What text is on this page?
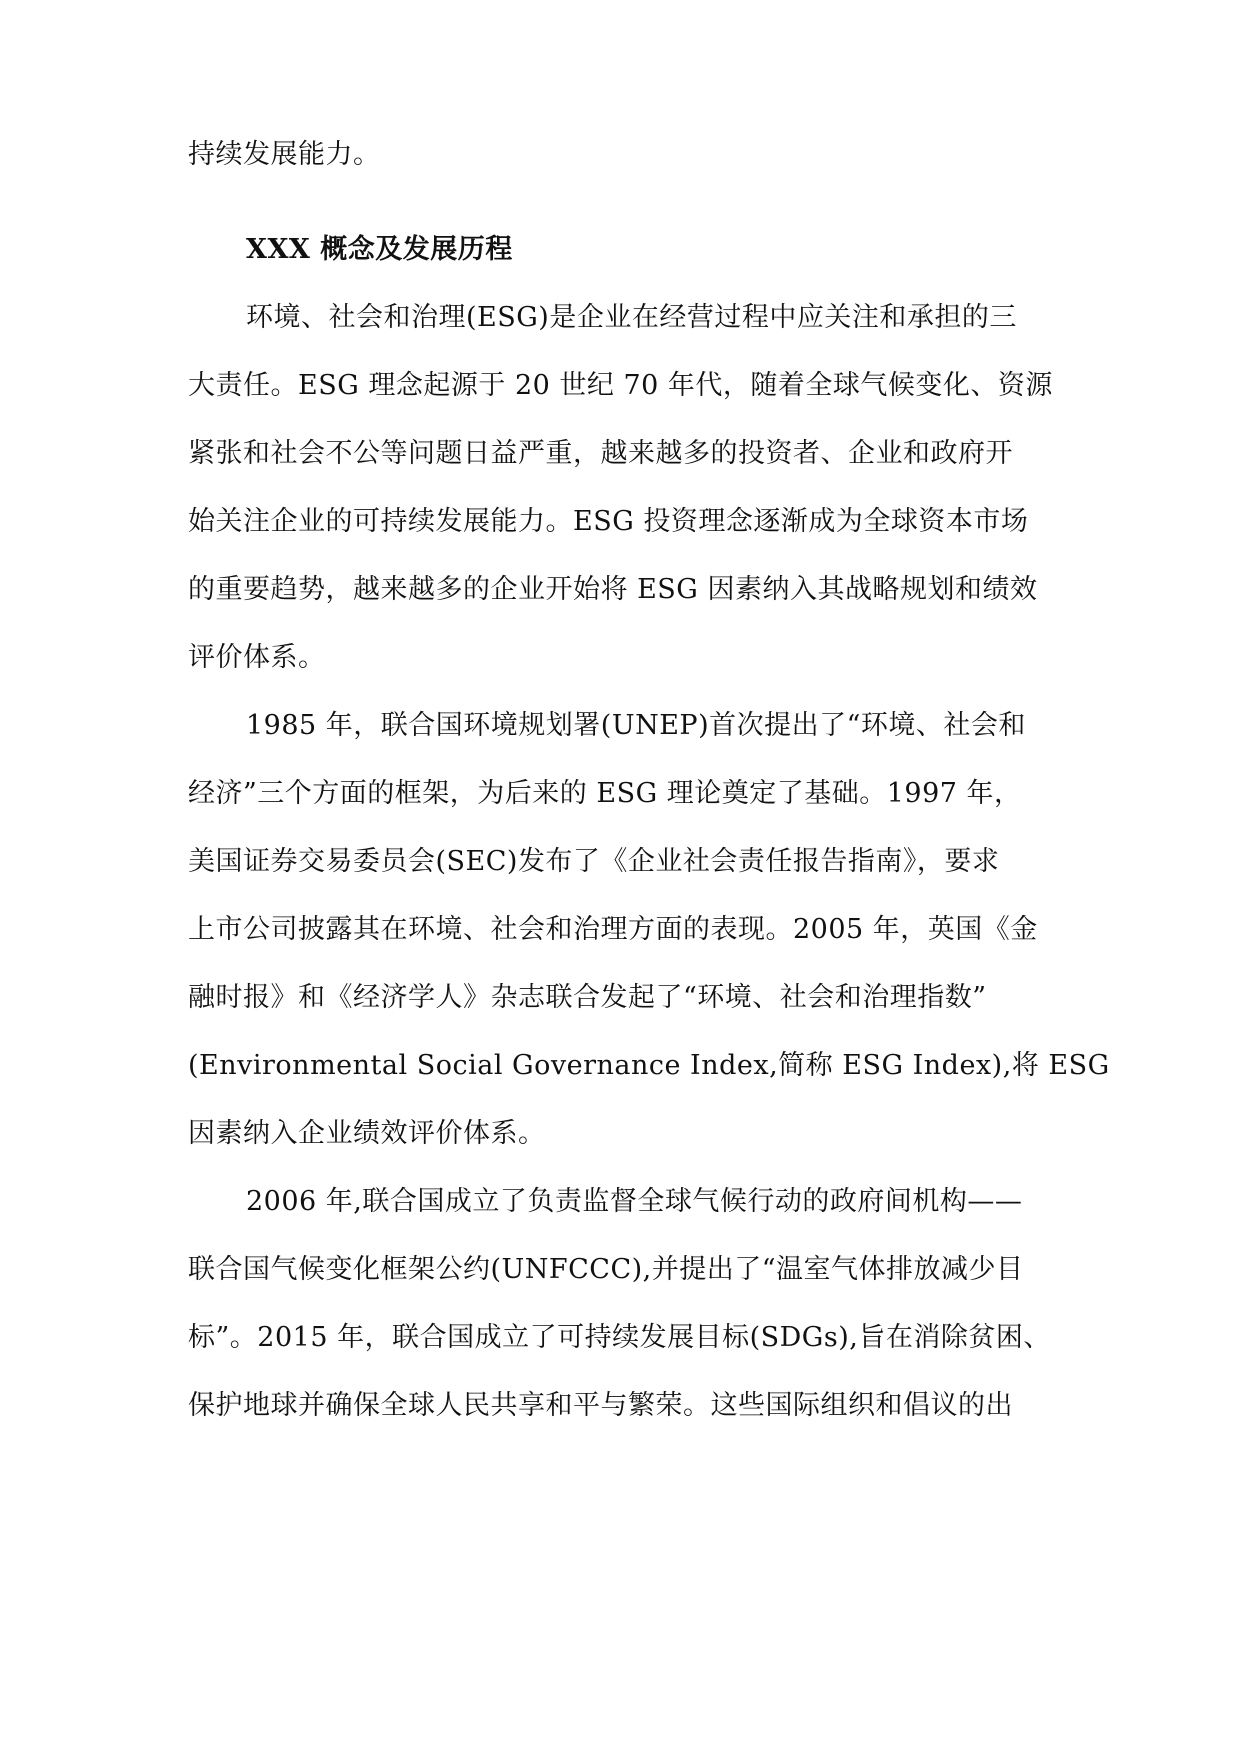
持续发展能力。
XXX 概念及发展历程
环境、社会和治理(ESG)是企业在经营过程中应关注和承担的三
大责任。ESG 理念起源于 20 世纪 70 年代，随着全球气候变化、资源
紧张和社会不公等问题日益严重，越来越多的投资者、企业和政府开
始关注企业的可持续发展能力。ESG 投资理念逐渐成为全球资本市场
的重要趋势，越来越多的企业开始将 ESG 因素纳入其战略规划和绩效
评价体系。
1985 年，联合国环境规划署(UNEP)首次提出了“环境、社会和
经济”三个方面的框架，为后来的 ESG 理论奠定了基础。1997 年，
美国证券交易委员会(SEC)发布了《企业社会责任报告指南》，要求
上市公司披露其在环境、社会和治理方面的表现。2005 年，英国《金
融时报》和《经济学人》杂志联合发起了“环境、社会和治理指数”
(Environmental Social Governance Index,简称 ESG Index),将 ESG
因素纳入企业绩效评价体系。
2006 年,联合国成立了负责监督全球气候行动的政府间机构——
联合国气候变化框架公约(UNFCCC),并提出了“温室气体排放减少目
标”。2015 年，联合国成立了可持续发展目标(SDGs),旨在消除贫困、
保护地球并确保全球人民共享和平与繁荣。这些国际组织和倡议的出
